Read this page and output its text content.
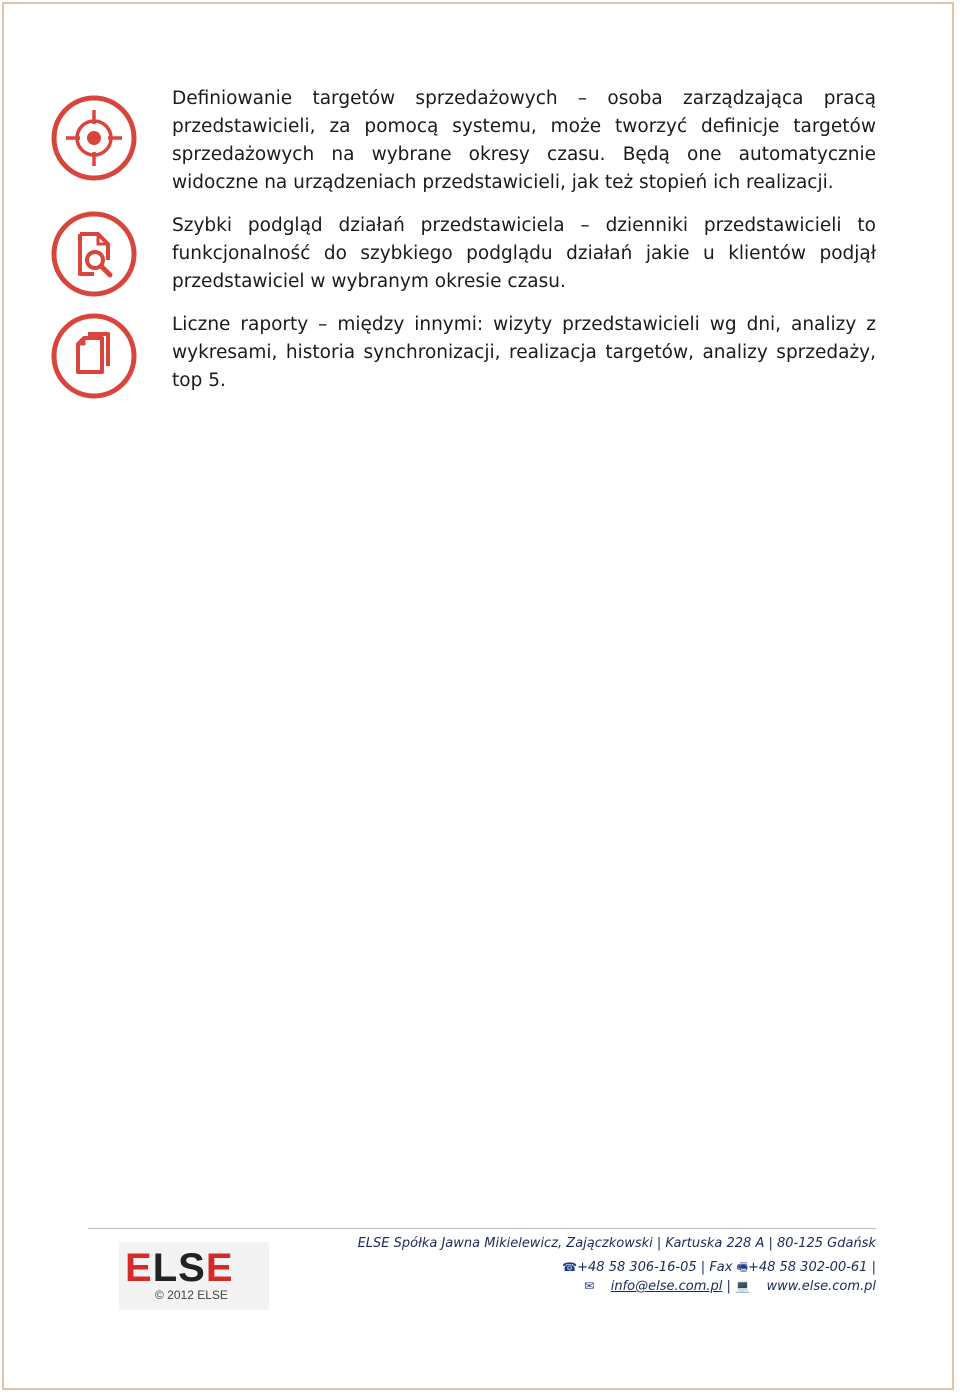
Definiowanie targetów sprzedażowych – osoba zarządzająca pracą przedstawicieli, za pomocą systemu, może tworzyć definicje targetów sprzedażowych na wybrane okresy czasu. Będą one automatycznie widoczne na urządzeniach przedstawicieli, jak też stopień ich realizacji.
Szybki podgląd działań przedstawiciela – dzienniki przedstawicieli to funkcjonalność do szybkiego podglądu działań jakie u klientów podjął przedstawiciel w wybranym okresie czasu.
Liczne raporty – między innymi: wizyty przedstawicieli wg dni, analizy z wykresami, historia synchronizacji, realizacja targetów, analizy sprzedaży, top 5.
ELSE
© 2012 ELSE
ELSE Spółka Jawna Mikielewicz, Zajączkowski | Kartuska 228 A | 80-125 Gdańsk
☎+48 58 306-16-05 | Fax 🖷+48 58 302-00-61 |
✉ info@else.com.pl | 💻 www.else.com.pl
